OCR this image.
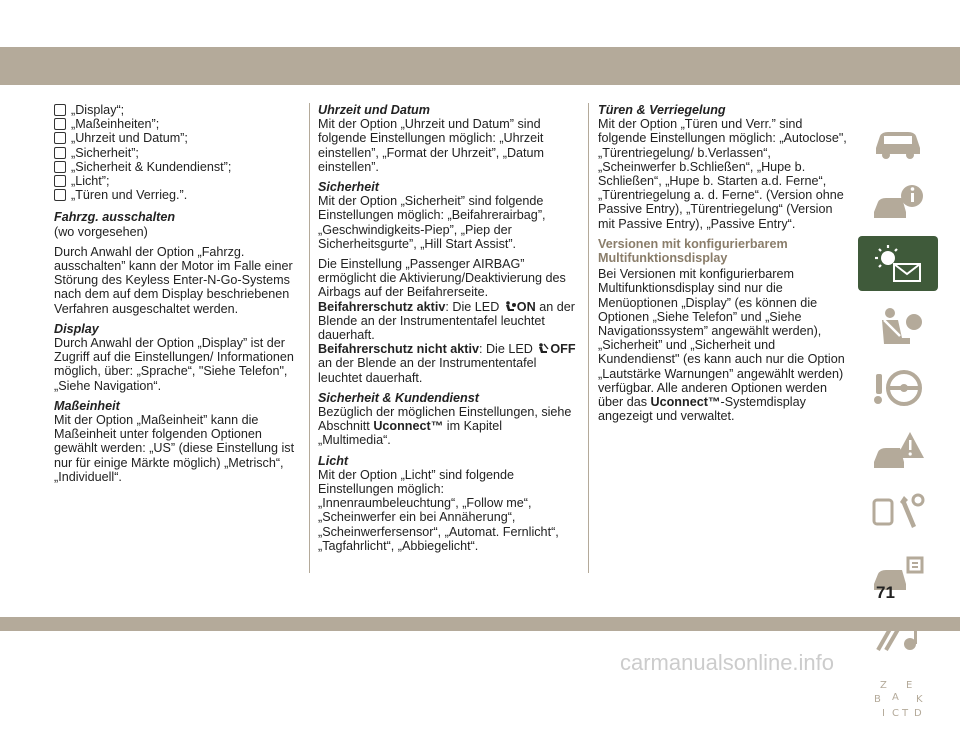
„Display“;
„Maßeinheiten”;
„Uhrzeit und Datum”;
„Sicherheit”;
„Sicherheit & Kundendienst”;
„Licht”;
„Türen und Verrieg.”.
Fahrzg. ausschalten
(wo vorgesehen)
Durch Anwahl der Option „Fahrzg. ausschalten” kann der Motor im Falle einer Störung des Keyless Enter-N-Go-Systems nach dem auf dem Display beschriebenen Verfahren ausgeschaltet werden.
Display
Durch Anwahl der Option „Display” ist der Zugriff auf die Einstellungen/ Informationen möglich, über: „Sprache“, "Siehe Telefon", „Siehe Navigation“.
Maßeinheit
Mit der Option „Maßeinheit” kann die Maßeinheit unter folgenden Optionen gewählt werden: „US” (diese Einstellung ist nur für einige Märkte möglich) „Metrisch“, „Individuell“.
Uhrzeit und Datum
Mit der Option „Uhrzeit und Datum” sind folgende Einstellungen möglich: „Uhrzeit einstellen”, „Format der Uhrzeit”, „Datum einstellen”.
Sicherheit
Mit der Option „Sicherheit” sind folgende Einstellungen möglich: „Beifahrerairbag”, „Geschwindigkeits-Piep”, „Piep der Sicherheitsgurte”, „Hill Start Assist”.
Die Einstellung „Passenger AIRBAG” ermöglicht die Aktivierung/Deaktivierung des Airbags auf der Beifahrerseite.
Beifahrerschutz aktiv: Die LED ON an der Blende an der Instrumententafel leuchtet dauerhaft.
Beifahrerschutz nicht aktiv: Die LED OFF an der Blende an der Instrumententafel leuchtet dauerhaft.
Sicherheit & Kundendienst
Bezüglich der möglichen Einstellungen, siehe Abschnitt Uconnect™ im Kapitel „Multimedia“.
Licht
Mit der Option „Licht” sind folgende Einstellungen möglich: „Innenraumbeleuchtung“, „Follow me“, „Scheinwerfer ein bei Annäherung“, „Scheinwerfersensor“, „Automat. Fernlicht“, „Tagfahrlicht“, „Abbiegelicht“.
Türen & Verriegelung
Mit der Option „Türen und Verr.” sind folgende Einstellungen möglich: „Autoclose", „Türentriegelung/ b.Verlassen“, „Scheinwerfer b.Schließen“, „Hupe b. Schließen“, „Hupe b. Starten a.d. Ferne“, „Türentriegelung a. d. Ferne“. (Version ohne Passive Entry), „Türentriegelung“ (Version mit Passive Entry), „Passive Entry“.
Versionen mit konfigurierbarem Multifunktionsdisplay
Bei Versionen mit konfigurierbarem Multifunktionsdisplay sind nur die Menüoptionen „Display” (es können die Optionen „Siehe Telefon” und „Siehe Navigationssystem” angewählt werden), „Sicherheit” und „Sicherheit und Kundendienst" (es kann auch nur die Option „Lautstärke Warnungen” angewählt werden) verfügbar. Alle anderen Optionen werden über das Uconnect™-Systemdisplay angezeigt und verwaltet.
Z E
B A K
I C T D
71
carmanualsonline.info
